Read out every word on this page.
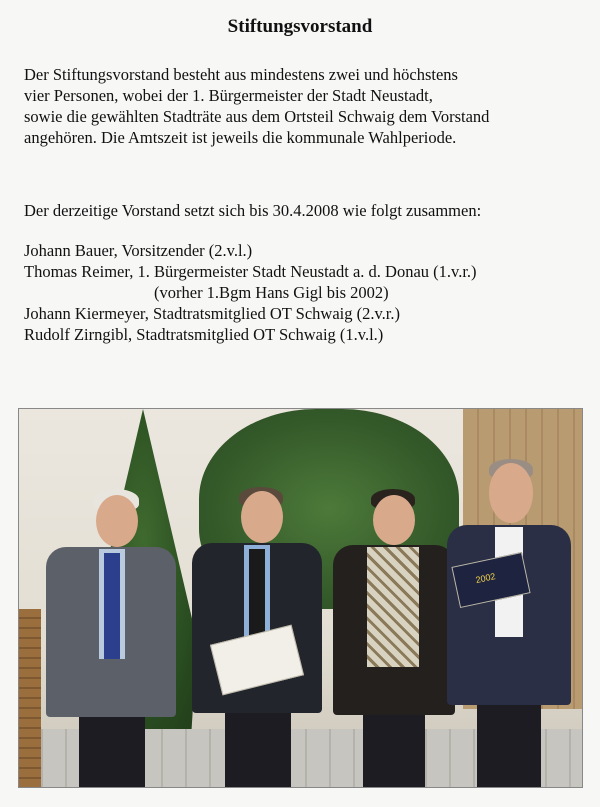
Stiftungsvorstand
Der Stiftungsvorstand besteht aus mindestens zwei und höchstens
vier Personen, wobei der 1. Bürgermeister der Stadt Neustadt,
sowie die gewählten Stadträte aus dem Ortsteil Schwaig dem Vorstand
angehören. Die Amtszeit ist jeweils die kommunale Wahlperiode.
Der derzeitige Vorstand setzt sich bis 30.4.2008 wie folgt zusammen:
Johann Bauer, Vorsitzender (2.v.l.)
Thomas Reimer, 1. Bürgermeister Stadt Neustadt a. d. Donau (1.v.r.)
(vorher 1.Bgm Hans Gigl bis 2002)
Johann Kiermeyer, Stadtratsmitglied OT Schwaig (2.v.r.)
Rudolf Zirngibl, Stadtratsmitglied OT Schwaig (1.v.l.)
2002
